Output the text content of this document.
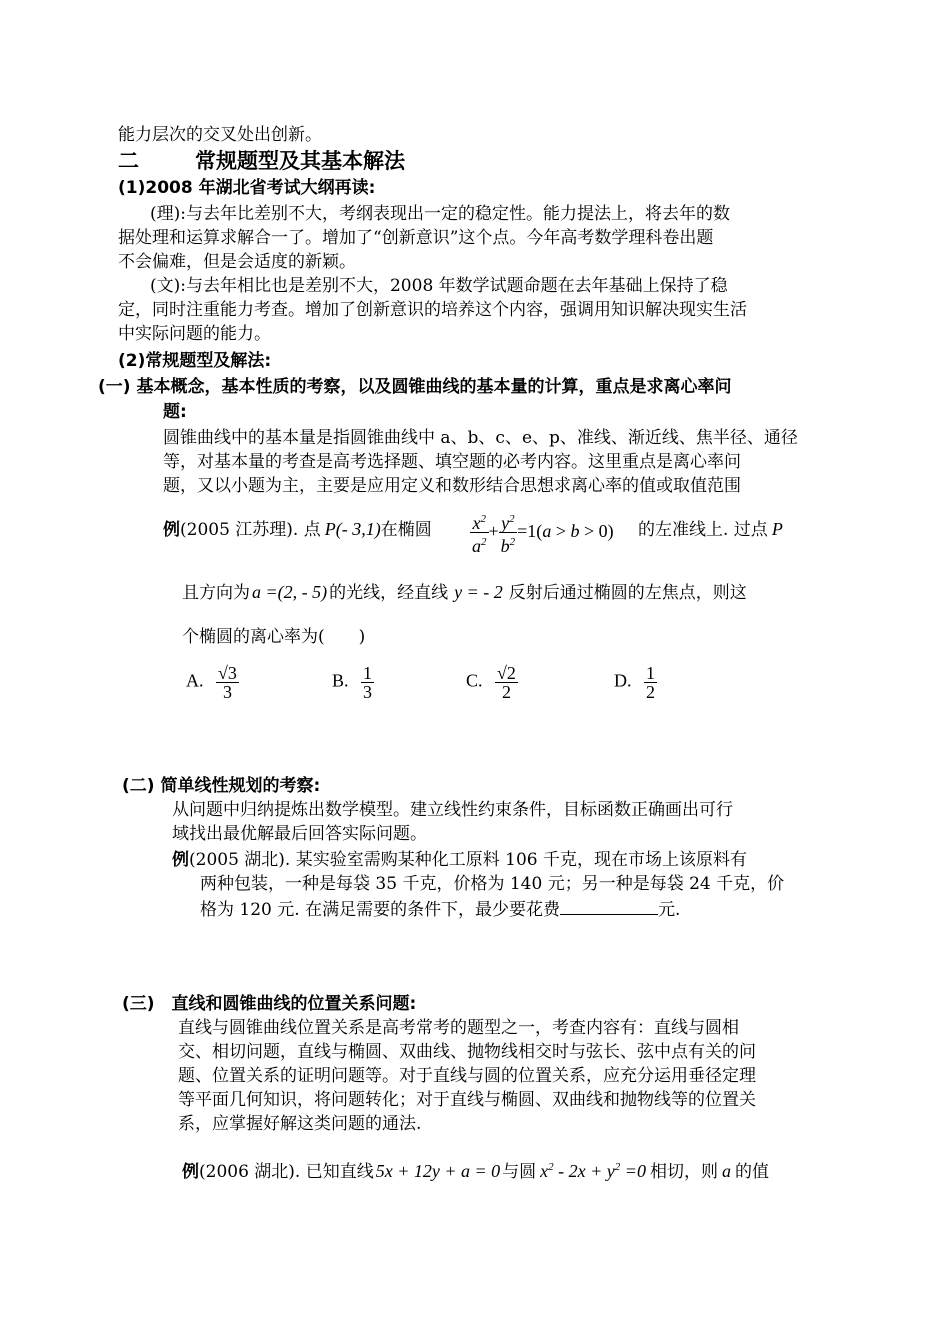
能力层次的交叉处出创新。
二	常规题型及其基本解法
(1)2008 年湖北省考试大纲再读:
(理):与去年比差别不大，考纲表现出一定的稳定性。能力提法上，将去年的数
据处理和运算求解合一了。增加了“创新意识”这个点。今年高考数学理科卷出题
不会偏难，但是会适度的新颖。
(文):与去年相比也是差别不大，2008 年数学试题命题在去年基础上保持了稳
定，同时注重能力考查。增加了创新意识的培养这个内容，强调用知识解决现实生活
中实际问题的能力。
(2)常规题型及解法:
(一) 基本概念，基本性质的考察，以及圆锥曲线的基本量的计算，重点是求离心率问
题:
圆锥曲线中的基本量是指圆锥曲线中 a、b、c、e、p、准线、渐近线、焦半径、通径
等，对基本量的考查是高考选择题、填空题的必考内容。这里重点是离心率问
题，又以小题为主，主要是应用定义和数形结合思想求离心率的值或取值范围
例(2005 江苏理). 点 P(- 3,1)在椭圆 $\frac{x^2}{a^2} + \frac{y^2}{b^2} =1(a > b > 0)$ 的左准线上. 过点 P
且方向为 a =(2, - 5) 的光线，经直线 y = - 2 反射后通过椭圆的左焦点，则这
个椭圆的离心率为(　　)
A. $\frac{√3}{3}$	B. $\frac{1}{3}$	C. $\frac{√2}{2}$	D. $\frac{1}{2}$
(二) 简单线性规划的考察:
从问题中归纳提炼出数学模型。建立线性约束条件，目标函数正确画出可行
域找出最优解最后回答实际问题。
例(2005 湖北). 某实验室需购某种化工原料 106 千克，现在市场上该原料有
两种包装，一种是每袋 35 千克，价格为 140 元；另一种是每袋 24 千克，价
格为 120 元. 在满足需要的条件下，最少要花费	元.
(三)　直线和圆锥曲线的位置关系问题:
直线与圆锥曲线位置关系是高考常考的题型之一，考查内容有：直线与圆相
交、相切问题，直线与椭圆、双曲线、抛物线相交时与弦长、弦中点有关的问
题、位置关系的证明问题等。对于直线与圆的位置关系，应充分运用垂径定理
等平面几何知识，将问题转化；对于直线与椭圆、双曲线和抛物线等的位置关
系，应掌握好解这类问题的通法.
例(2006 湖北). 已知直线 5x + 12y + a = 0 与圆 $x^2 - 2x + y^2 =0$ 相切，则 a 的值
